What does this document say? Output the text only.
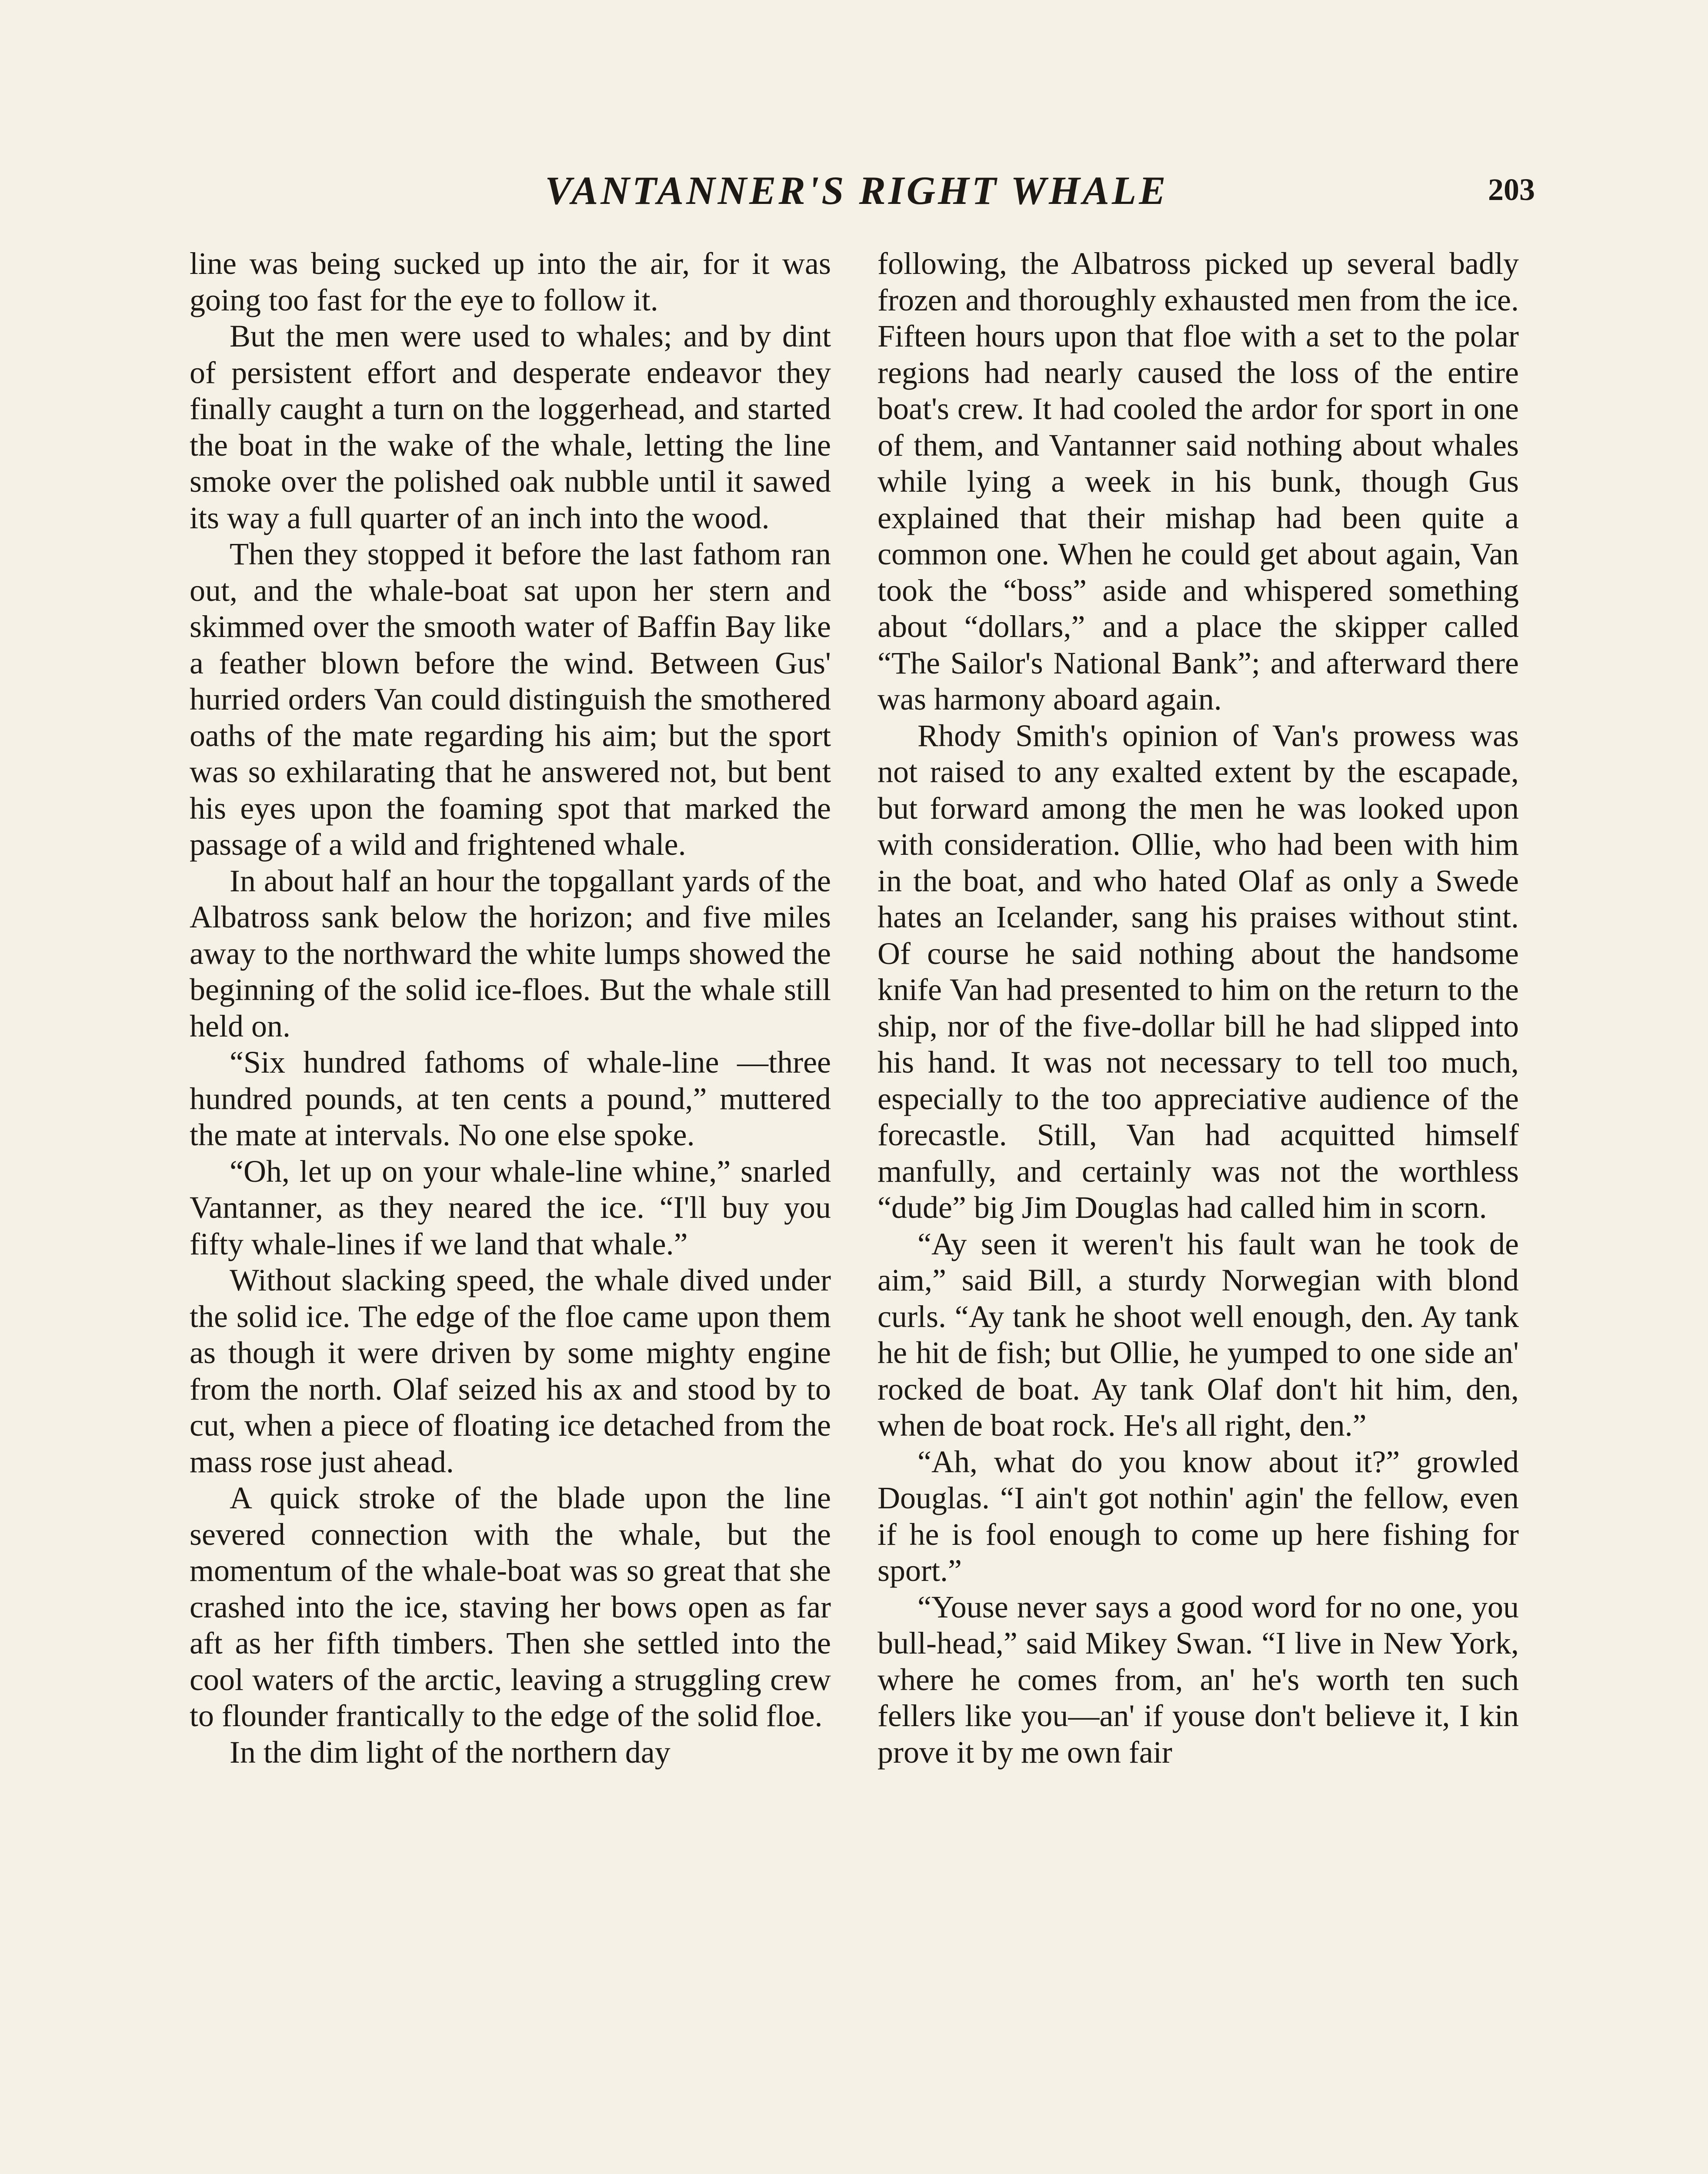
VANTANNER'S RIGHT WHALE	203

line was being sucked up into the air, for it was going too fast for the eye to follow it.

But the men were used to whales; and by dint of persistent effort and desperate endeavor they finally caught a turn on the loggerhead, and started the boat in the wake of the whale, letting the line smoke over the polished oak nubble until it sawed its way a full quarter of an inch into the wood.

Then they stopped it before the last fathom ran out, and the whale-boat sat upon her stern and skimmed over the smooth water of Baffin Bay like a feather blown before the wind. Between Gus' hurried orders Van could distinguish the smothered oaths of the mate regarding his aim; but the sport was so exhilarating that he answered not, but bent his eyes upon the foaming spot that marked the passage of a wild and frightened whale.

In about half an hour the topgallant yards of the Albatross sank below the horizon; and five miles away to the northward the white lumps showed the beginning of the solid ice-floes. But the whale still held on.

“Six hundred fathoms of whale-line —three hundred pounds, at ten cents a pound,” muttered the mate at intervals. No one else spoke.

“Oh, let up on your whale-line whine,” snarled Vantanner, as they neared the ice. “I'll buy you fifty whale-lines if we land that whale.”

Without slacking speed, the whale dived under the solid ice. The edge of the floe came upon them as though it were driven by some mighty engine from the north. Olaf seized his ax and stood by to cut, when a piece of floating ice detached from the mass rose just ahead.

A quick stroke of the blade upon the line severed connection with the whale, but the momentum of the whale-boat was so great that she crashed into the ice, staving her bows open as far aft as her fifth timbers. Then she settled into the cool waters of the arctic, leaving a struggling crew to flounder frantically to the edge of the solid floe.

In the dim light of the northern day

following, the Albatross picked up several badly frozen and thoroughly exhausted men from the ice. Fifteen hours upon that floe with a set to the polar regions had nearly caused the loss of the entire boat's crew. It had cooled the ardor for sport in one of them, and Vantanner said nothing about whales while lying a week in his bunk, though Gus explained that their mishap had been quite a common one. When he could get about again, Van took the “boss” aside and whispered something about “dollars,” and a place the skipper called “The Sailor's National Bank”; and afterward there was harmony aboard again.

Rhody Smith's opinion of Van's prowess was not raised to any exalted extent by the escapade, but forward among the men he was looked upon with consideration. Ollie, who had been with him in the boat, and who hated Olaf as only a Swede hates an Icelander, sang his praises without stint. Of course he said nothing about the handsome knife Van had presented to him on the return to the ship, nor of the five-dollar bill he had slipped into his hand. It was not necessary to tell too much, especially to the too appreciative audience of the forecastle. Still, Van had acquitted himself manfully, and certainly was not the worthless “dude” big Jim Douglas had called him in scorn.

“Ay seen it weren't his fault wan he took de aim,” said Bill, a sturdy Norwegian with blond curls. “Ay tank he shoot well enough, den. Ay tank he hit de fish; but Ollie, he yumped to one side an' rocked de boat. Ay tank Olaf don't hit him, den, when de boat rock. He's all right, den.”

“Ah, what do you know about it?” growled Douglas. “I ain't got nothin' agin' the fellow, even if he is fool enough to come up here fishing for sport.”

“Youse never says a good word for no one, you bull-head,” said Mikey Swan. “I live in New York, where he comes from, an' he's worth ten such fellers like you—an' if youse don't believe it, I kin prove it by me own fair
